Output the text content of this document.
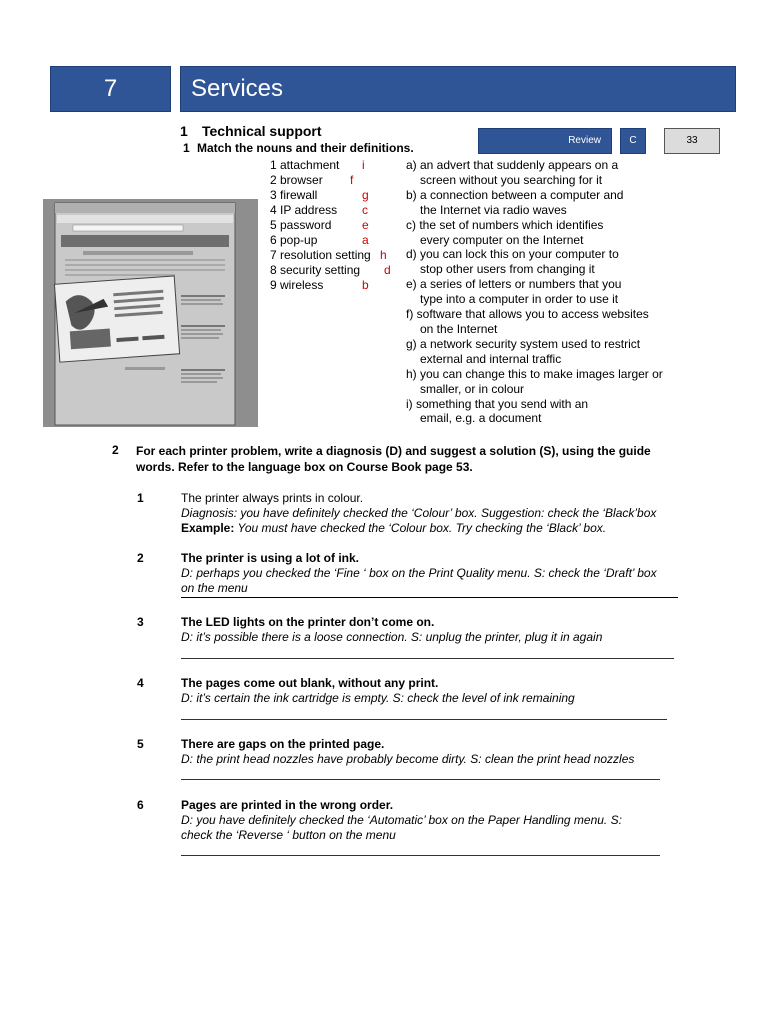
7	Services
Review	C	33
1 Technical support
1 Match the nouns and their definitions.
1 attachment i
2 browser f
3 firewall	g
4 IP address c
5 password	e
6 pop-up	a
7 resolution setting h
8 security setting d
9 wireless	b
a) an advert that suddenly appears on a
screen without you searching for it
b) a connection between a computer and
the Internet via radio waves
c) the set of numbers which identifies
every computer on the Internet
d) you can lock this on your computer to
stop other users from changing it
e) a series of letters or numbers that you
type into a computer in order to use it
f) software that allows you to access websites
on the Internet
g) a network security system used to restrict
external and internal traffic
h) you can change this to make images larger or
smaller, or in colour
i) something that you send with an
email, e.g. a document
2 For each printer problem, write a diagnosis (D) and suggest a solution (S), using the guide words. Refer to the language box on Course Book page 53.
1	The printer always prints in colour.
Diagnosis: you have definitely checked the ‘Colour’ box. Suggestion: check the ‘Black’box
Example: You must have checked the ‘Colour box. Try checking the ‘Black’ box.
2	The printer is using a lot of ink.
D: perhaps you checked the ‘Fine ‘ box on the Print Quality menu. S: check the ‘Draft’ box on the menu
3	The LED lights on the printer don’t come on.
D: it’s possible there is a loose connection. S: unplug the printer, plug it in again
4	The pages come out blank, without any print.
D: it’s certain the ink cartridge is empty. S: check the level of ink remaining
5	There are gaps on the printed page.
D: the print head nozzles have probably become dirty. S: clean the print head nozzles
6	Pages are printed in the wrong order.
D: you have definitely checked the ‘Automatic’ box on the Paper Handling menu. S: check the ‘Reverse ‘ button on the menu
